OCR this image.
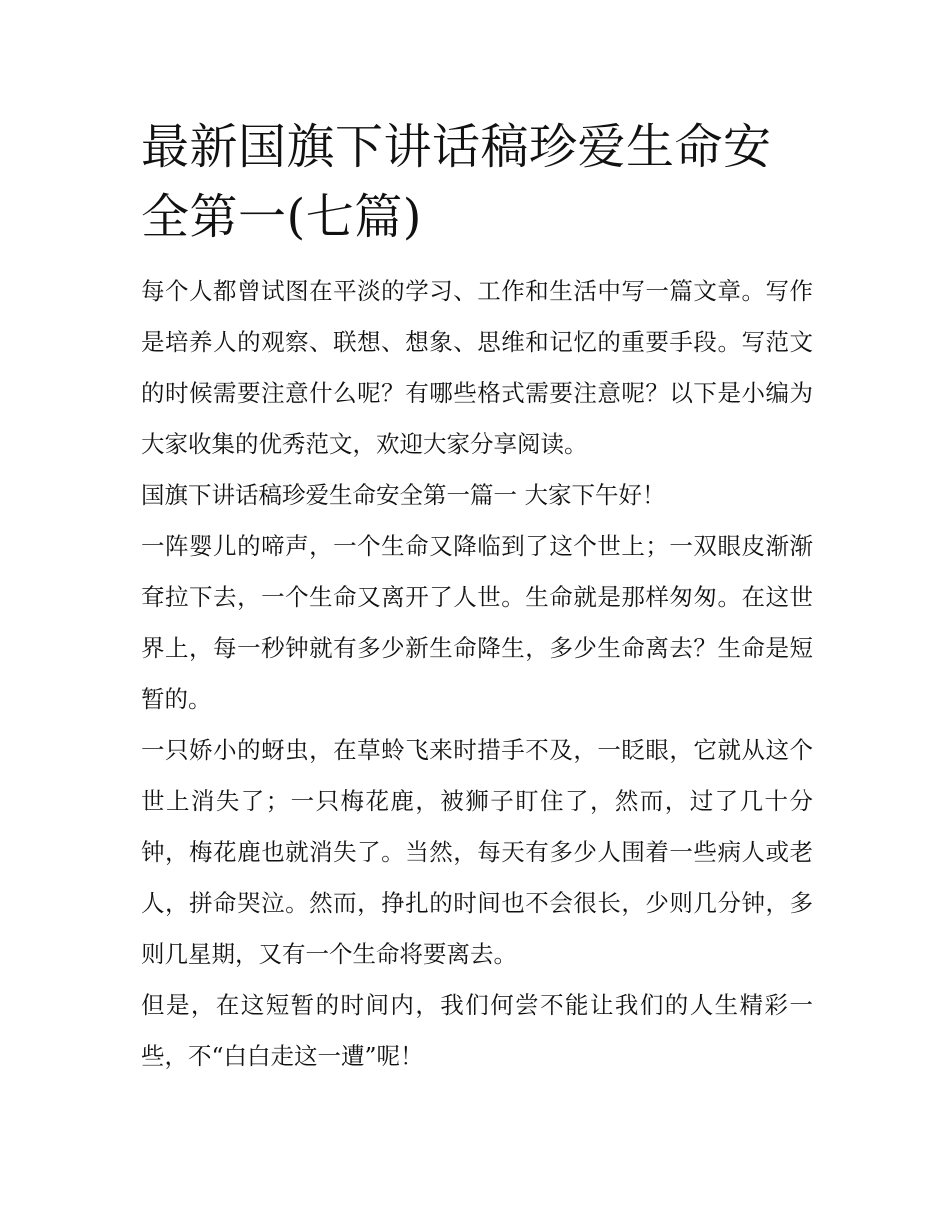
最新国旗下讲话稿珍爱生命安全第一(七篇)

每个人都曾试图在平淡的学习、工作和生活中写一篇文章。写作是培养人的观察、联想、想象、思维和记忆的重要手段。写范文的时候需要注意什么呢？有哪些格式需要注意呢？以下是小编为大家收集的优秀范文，欢迎大家分享阅读。

国旗下讲话稿珍爱生命安全第一篇一 大家下午好！

一阵婴儿的啼声，一个生命又降临到了这个世上；一双眼皮渐渐耷拉下去，一个生命又离开了人世。生命就是那样匆匆。在这世界上，每一秒钟就有多少新生命降生，多少生命离去？生命是短暂的。

一只娇小的蚜虫，在草蛉飞来时措手不及，一眨眼，它就从这个世上消失了；一只梅花鹿，被狮子盯住了，然而，过了几十分钟，梅花鹿也就消失了。当然，每天有多少人围着一些病人或老人，拼命哭泣。然而，挣扎的时间也不会很长，少则几分钟，多则几星期，又有一个生命将要离去。

但是，在这短暂的时间内，我们何尝不能让我们的人生精彩一些，不“白白走这一遭”呢！
